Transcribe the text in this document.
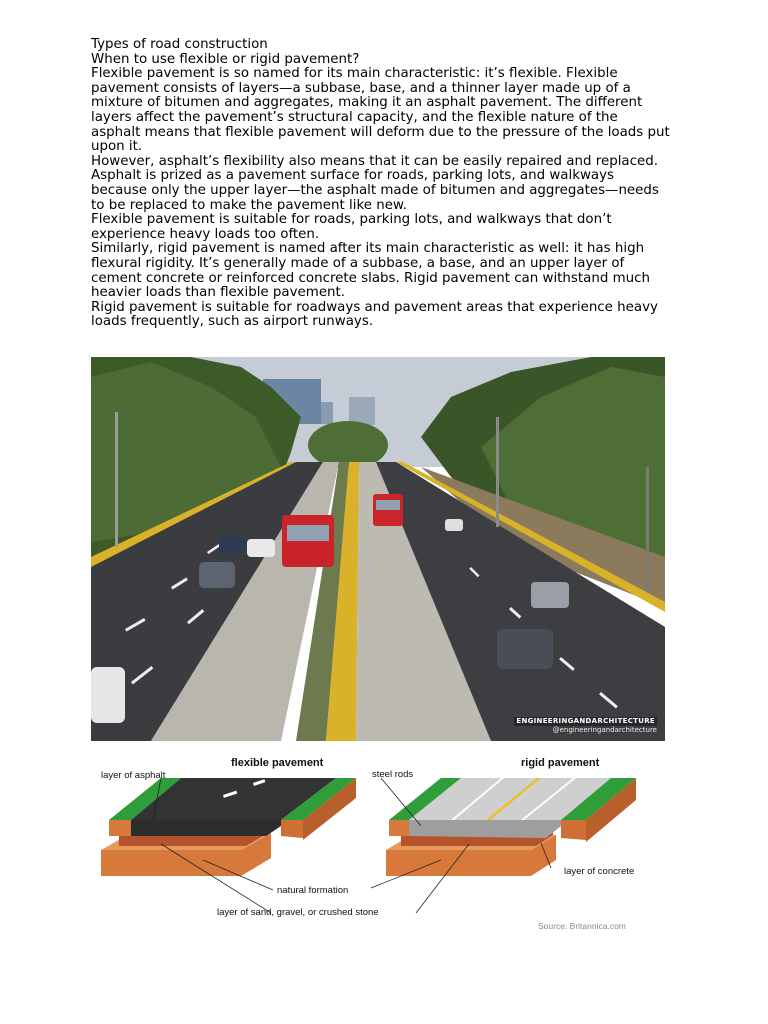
Types of road construction

When to use flexible or rigid pavement?

Flexible pavement is so named for its main characteristic: it’s flexible. Flexible pavement consists of layers—a subbase, base, and a thinner layer made up of a mixture of bitumen and aggregates, making it an asphalt pavement. The different layers affect the pavement’s structural capacity, and the flexible nature of the asphalt means that flexible pavement will deform due to the pressure of the loads put upon it.

However, asphalt’s flexibility also means that it can be easily repaired and replaced. Asphalt is prized as a pavement surface for roads, parking lots, and walkways because only the upper layer—the asphalt made of bitumen and aggregates—needs to be replaced to make the pavement like new.

Flexible pavement is suitable for roads, parking lots, and walkways that don’t experience heavy loads too often.

Similarly, rigid pavement is named after its main characteristic as well: it has high flexural rigidity. It’s generally made of a subbase, a base, and an upper layer of cement concrete or reinforced concrete slabs. Rigid pavement can withstand much heavier loads than flexible pavement.

Rigid pavement is suitable for roadways and pavement areas that experience heavy loads frequently, such as airport runways.

ENGINEERINGANDARCHITECTURE
@engineeringandarchitecture
flexible pavement	rigid pavement
layer of asphalt	steel rods
layer of concrete
natural formation
layer of sand, gravel, or crushed stone
Source: Britannica.com
